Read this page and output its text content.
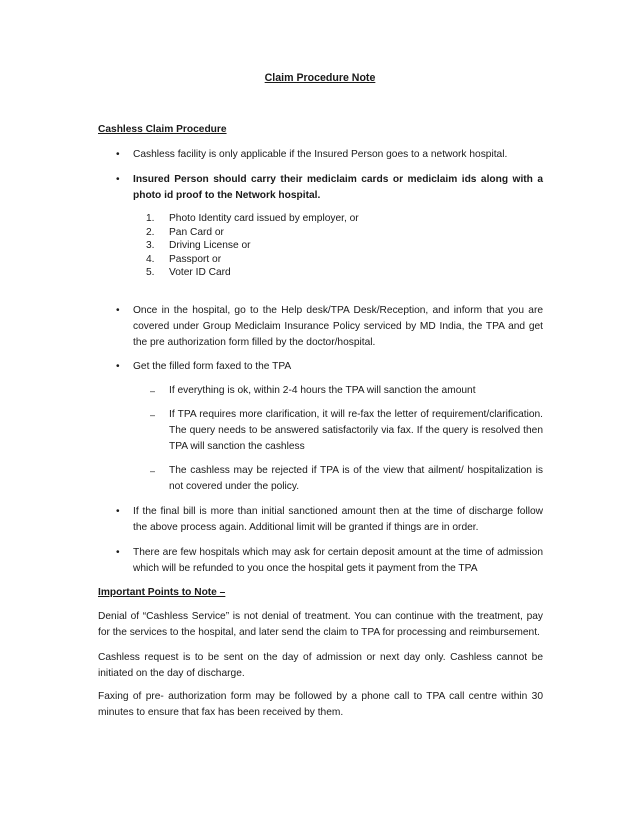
Claim Procedure Note
Cashless Claim Procedure
•	Cashless facility is only applicable if the Insured Person goes to a network hospital.
•	Insured Person should carry their mediclaim cards or mediclaim ids along with a photo id proof to the Network hospital.
1.	Photo Identity card issued by employer, or
2.	Pan Card or
3.	Driving License or
4.	Passport or
5.	Voter ID Card
•	Once in the hospital, go to the Help desk/TPA Desk/Reception, and inform that you are covered under Group Mediclaim Insurance Policy serviced by MD India, the TPA and get the pre authorization form filled by the doctor/hospital.
•	Get the filled form faxed to the TPA
–	If everything is ok, within 2-4 hours the TPA will sanction the amount
–	If TPA requires more clarification, it will re-fax the letter of requirement/clarification. The query needs to be answered satisfactorily via fax. If the query is resolved then TPA will sanction the cashless
–	The cashless may be rejected if TPA is of the view that ailment/ hospitalization is not covered under the policy.
•	If the final bill is more than initial sanctioned amount then at the time of discharge follow the above process again. Additional limit will be granted if things are in order.
•	There are few hospitals which may ask for certain deposit amount at the time of admission which will be refunded to you once the hospital gets it payment from the TPA
Important Points to Note –
Denial of “Cashless Service” is not denial of treatment. You can continue with the treatment, pay for the services to the hospital, and later send the claim to TPA for processing and reimbursement.
Cashless request is to be sent on the day of admission or next day only. Cashless cannot be initiated on the day of discharge.
Faxing of pre- authorization form may be followed by a phone call to TPA call centre within 30 minutes to ensure that fax has been received by them.
